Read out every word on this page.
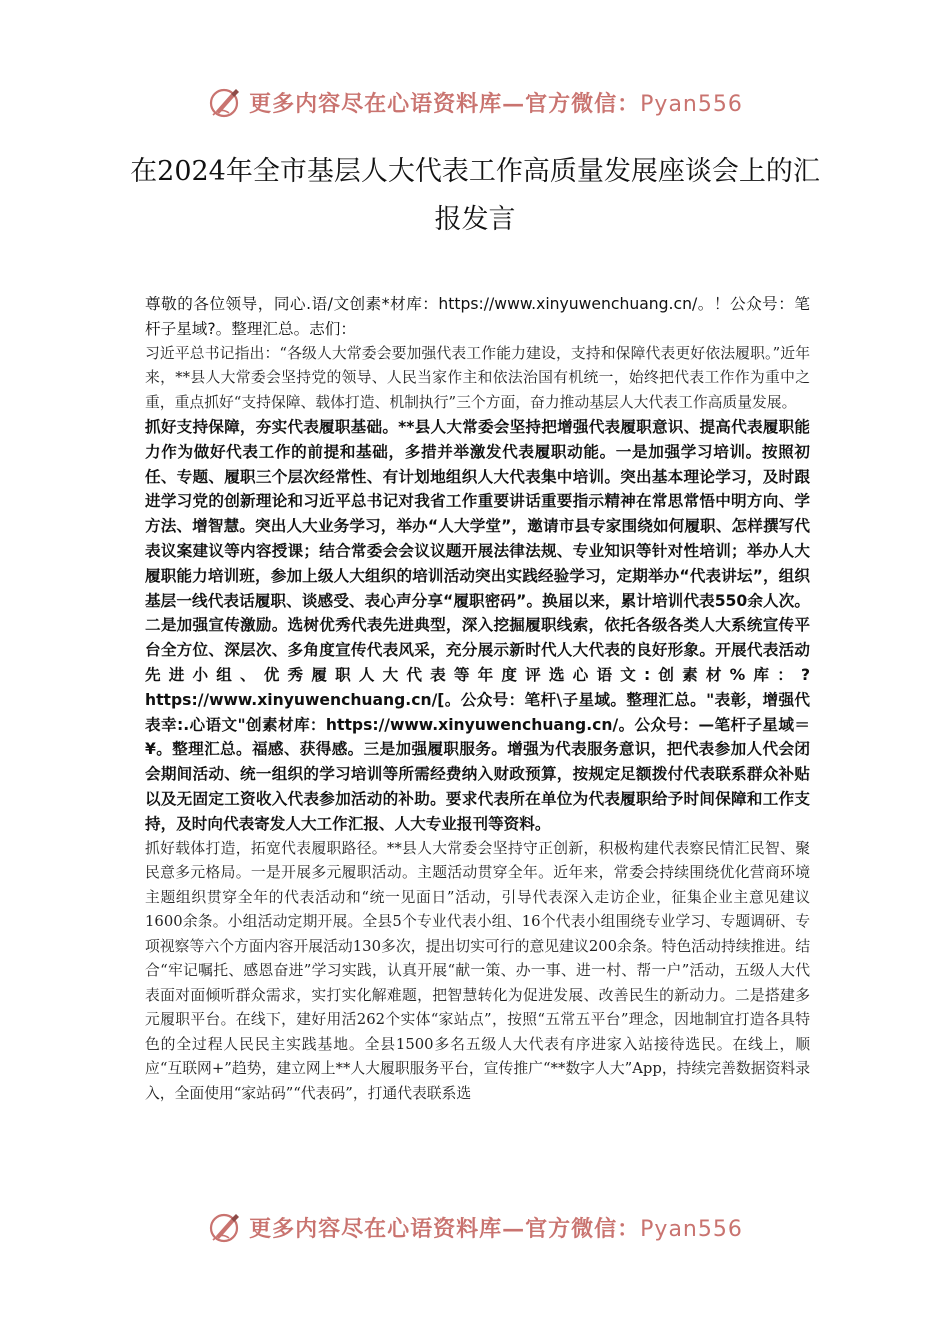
更多内容尽在心语资料库—官方微信：Pyan556
在2024年全市基层人大代表工作高质量发展座谈会上的汇报发言

尊敬的各位领导，同心.语/文创素*材库：https://www.xinyuwenchuang.cn/。！公众号：笔杆子星域?。整理汇总。志们：

习近平总书记指出：“各级人大常委会要加强代表工作能力建设，支持和保障代表更好依法履职。”近年来，**县人大常委会坚持党的领导、人民当家作主和依法治国有机统一，始终把代表工作作为重中之重，重点抓好“支持保障、载体打造、机制执行”三个方面，奋力推动基层人大代表工作高质量发展。

抓好支持保障，夯实代表履职基础。**县人大常委会坚持把增强代表履职意识、提高代表履职能力作为做好代表工作的前提和基础，多措并举激发代表履职动能。一是加强学习培训。按照初任、专题、履职三个层次经常性、有计划地组织人大代表集中培训。突出基本理论学习，及时跟进学习党的创新理论和习近平总书记对我省工作重要讲话重要指示精神在常思常悟中明方向、学方法、增智慧。突出人大业务学习，举办“人大学堂”，邀请市县专家围绕如何履职、怎样撰写代表议案建议等内容授课；结合常委会会议议题开展法律法规、专业知识等针对性培训；举办人大履职能力培训班，参加上级人大组织的培训活动突出实践经验学习，定期举办“代表讲坛”，组织基层一线代表话履职、谈感受、表心声分享“履职密码”。换届以来，累计培训代表550余人次。二是加强宣传激励。选树优秀代表先进典型，深入挖掘履职线索，依托各级各类人大系统宣传平台全方位、深层次、多角度宣传代表风采，充分展示新时代人大代表的良好形象。开展代表活动先进小组、优秀履职人大代表等年度评选心语文:创素材%库：?https://www.xinyuwenchuang.cn/[。公众号：笔杆\子星域。整理汇总。"表彰，增强代表幸:.心语文"创素材库：https://www.xinyuwenchuang.cn/。公众号：—笔杆子星域＝¥。整理汇总。福感、获得感。三是加强履职服务。增强为代表服务意识，把代表参加人代会闭会期间活动、统一组织的学习培训等所需经费纳入财政预算，按规定足额拨付代表联系群众补贴以及无固定工资收入代表参加活动的补助。要求代表所在单位为代表履职给予时间保障和工作支持，及时向代表寄发人大工作汇报、人大专业报刊等资料。

抓好载体打造，拓宽代表履职路径。**县人大常委会坚持守正创新，积极构建代表察民情汇民智、聚民意多元格局。一是开展多元履职活动。主题活动贯穿全年。近年来，常委会持续围绕优化营商环境主题组织贯穿全年的代表活动和“统一见面日”活动，引导代表深入走访企业，征集企业主意见建议1600余条。小组活动定期开展。全县5个专业代表小组、16个代表小组围绕专业学习、专题调研、专项视察等六个方面内容开展活动130多次，提出切实可行的意见建议200余条。特色活动持续推进。结合“牢记嘱托、感恩奋进”学习实践，认真开展“献一策、办一事、进一村、帮一户”活动，五级人大代表面对面倾听群众需求，实打实化解难题，把智慧转化为促进发展、改善民生的新动力。二是搭建多元履职平台。在线下，建好用活262个实体“家站点”，按照“五常五平台”理念，因地制宜打造各具特色的全过程人民民主实践基地。全县1500多名五级人大代表有序进家入站接待选民。在线上，顺应“互联网+”趋势，建立网上**人大履职服务平台，宣传推广“**数字人大”App，持续完善数据资料录入，全面使用“家站码”“代表码”，打通代表联系选

更多内容尽在心语资料库—官方微信：Pyan556
